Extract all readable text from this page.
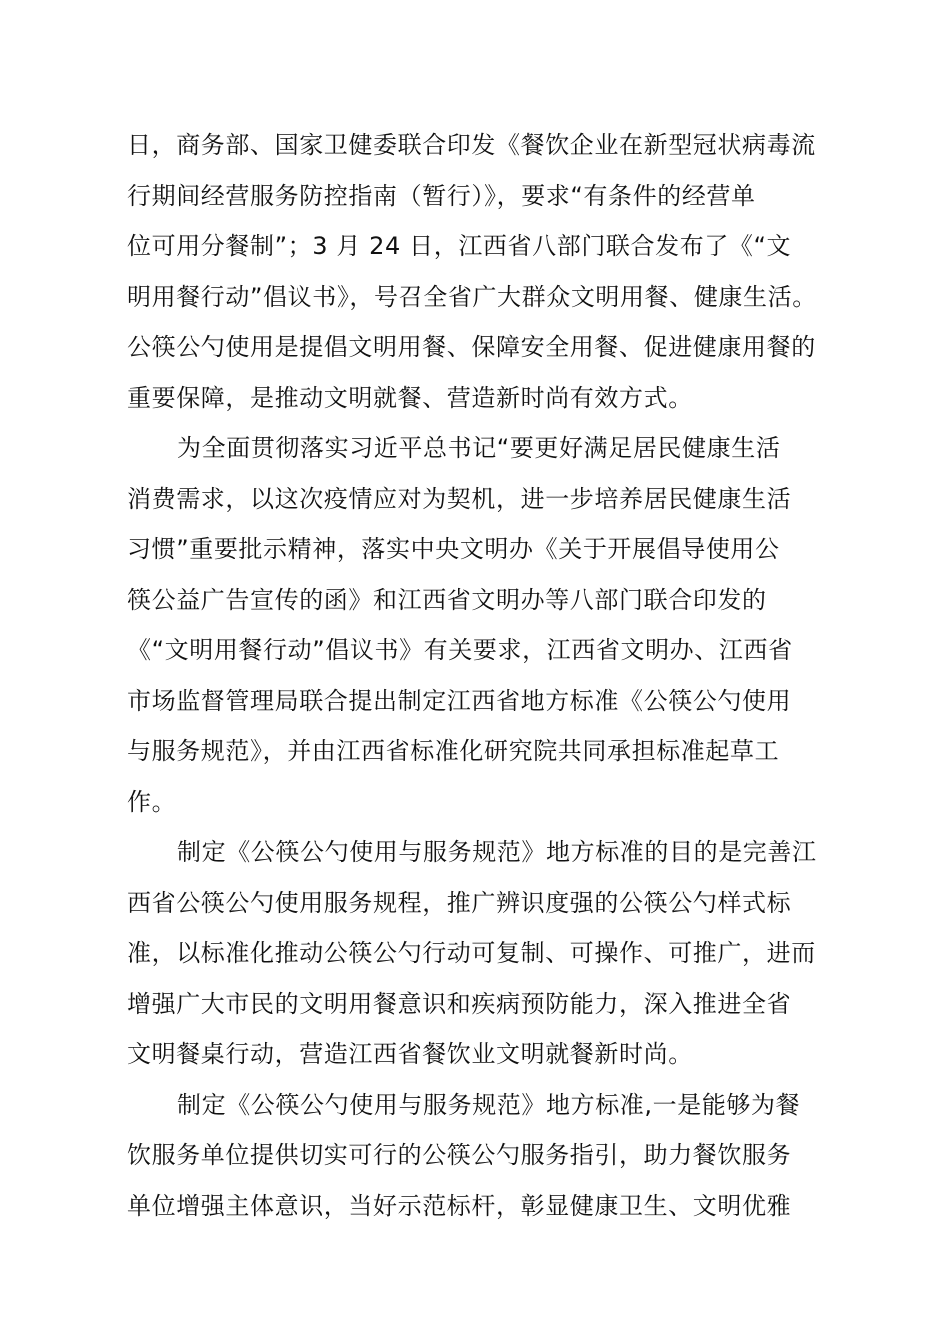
日，商务部、国家卫健委联合印发《餐饮企业在新型冠状病毒流
行期间经营服务防控指南（暂行）》，要求“有条件的经营单
位可用分餐制”；3 月 24 日，江西省八部门联合发布了《“文
明用餐行动”倡议书》，号召全省广大群众文明用餐、健康生活。
公筷公勺使用是提倡文明用餐、保障安全用餐、促进健康用餐的
重要保障，是推动文明就餐、营造新时尚有效方式。
为全面贯彻落实习近平总书记“要更好满足居民健康生活
消费需求，以这次疫情应对为契机，进一步培养居民健康生活
习惯”重要批示精神，落实中央文明办《关于开展倡导使用公
筷公益广告宣传的函》和江西省文明办等八部门联合印发的
《“文明用餐行动”倡议书》有关要求，江西省文明办、江西省
市场监督管理局联合提出制定江西省地方标准《公筷公勺使用
与服务规范》，并由江西省标准化研究院共同承担标准起草工
作。
制定《公筷公勺使用与服务规范》地方标准的目的是完善江
西省公筷公勺使用服务规程，推广辨识度强的公筷公勺样式标
准，以标准化推动公筷公勺行动可复制、可操作、可推广，进而
增强广大市民的文明用餐意识和疾病预防能力，深入推进全省
文明餐桌行动，营造江西省餐饮业文明就餐新时尚。
制定《公筷公勺使用与服务规范》地方标准,一是能够为餐
饮服务单位提供切实可行的公筷公勺服务指引，助力餐饮服务
单位增强主体意识，当好示范标杆，彰显健康卫生、文明优雅
